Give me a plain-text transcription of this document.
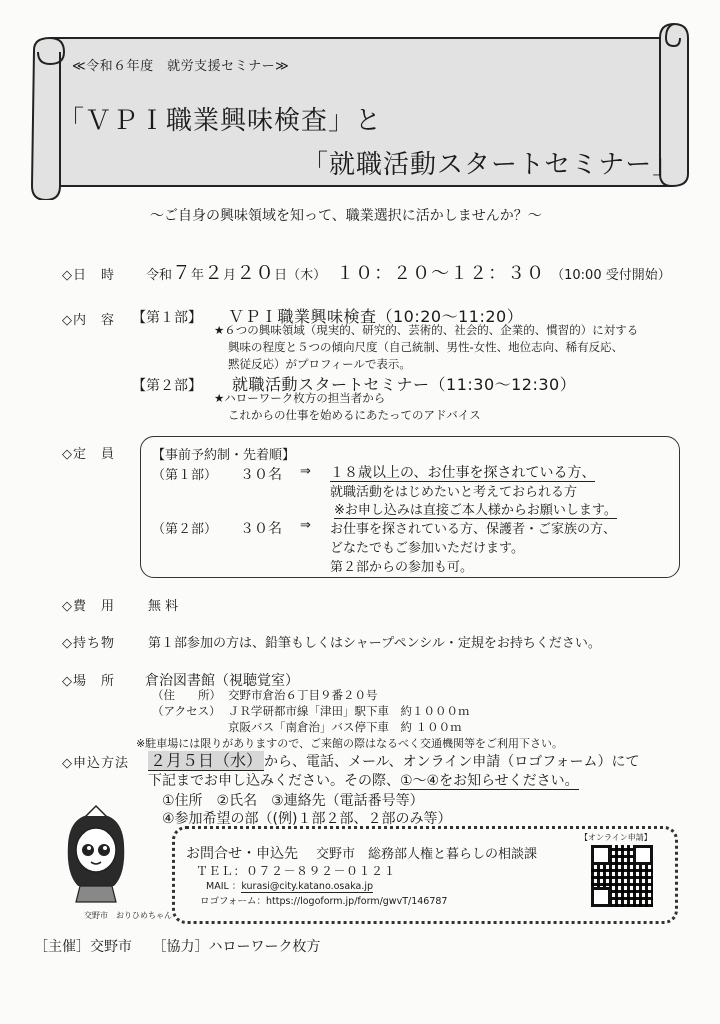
≪令和６年度　就労支援セミナー≫
「ＶＰＩ職業興味検査」と
「就職活動スタートセミナー」
～ご自身の興味領域を知って、職業選択に活かしませんか？～
◇日　時 令和７年２月２０日（木） １０：２０～１２：３０ （10:00 受付開始）
◇内　容 【第１部】 ＶＰＩ職業興味検査（10:20～11:20）
★６つの興味領域（現実的、研究的、芸術的、社会的、企業的、慣習的）に対する
興味の程度と５つの傾向尺度（自己統制、男性-女性、地位志向、稀有反応、
黙従反応）がプロフィールで表示。
【第２部】 就職活動スタートセミナー（11:30～12:30）
★ハローワーク枚方の担当者から
これからの仕事を始めるにあたってのアドバイス
◇定　員	【事前予約制・先着順】
（第１部） ３０名 ⇒ １８歳以上の、お仕事を探されている方、
就職活動をはじめたいと考えておられる方
※お申し込みは直接ご本人様からお願いします。
（第２部） ３０名 ⇒ お仕事を探されている方、保護者・ご家族の方、
どなたでもご参加いただけます。
第２部からの参加も可。
◇費　用	無 料
◇持ち物	第１部参加の方は、鉛筆もしくはシャープペンシル・定規をお持ちください。
◇場　所 倉治図書館（視聴覚室）
（住　　所） 交野市倉治６丁目９番２０号
（アクセス） ＪＲ学研都市線「津田」駅下車　約１０００ｍ
京阪バス「南倉治」バス停下車　約 １００ｍ
※駐車場には限りがありますので、ご来館の際はなるべく交通機関等をご利用下さい。
◇申込方法 ２月５日（水） から、電話、メール、オンライン申請（ロゴフォーム）にて
下記までお申し込みください。その際、①～④をお知らせください。
①住所　②氏名　③連絡先（電話番号等）
④参加希望の部（(例)１部２部、２部のみ等）
交野市　おりひめちゃん
お問合せ・申込先 交野市　総務部人権と暮らしの相談課
ＴＥＬ：０７２－８９２－０１２１
MAIL ：kurasi@city.katano.osaka.jp
ロゴフォーム：https://logoform.jp/form/gwvT/146787
【オンライン申請】
［主催］交野市 ［協力］ハローワーク枚方
